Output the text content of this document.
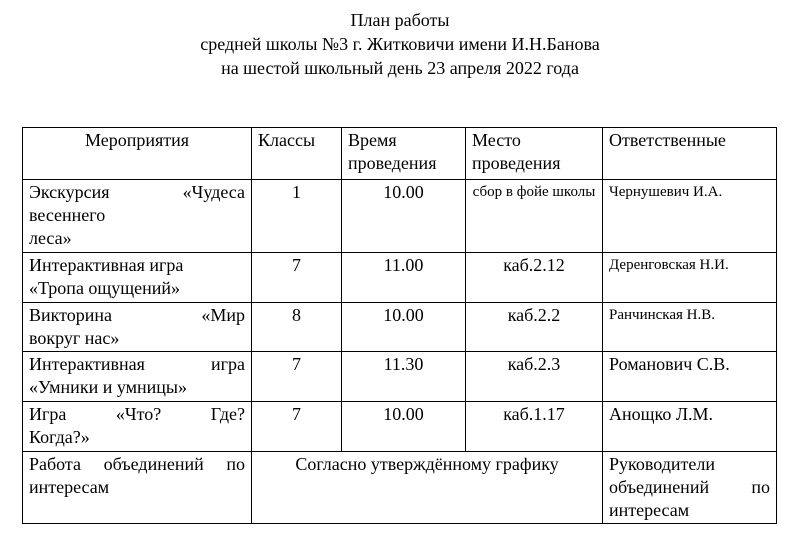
План работы
средней школы №3 г. Житковичи имени И.Н.Банова
на шестой школьный день 23 апреля 2022 года
Мероприятия	Классы	Время проведения	Место проведения	Ответственные

Экскурсия «Чудеса весеннего
леса»	1	10.00	сбор в фойе школы	Чернушевич И.А.

Интерактивная игра
«Тропа ощущений»	7	11.00	каб.2.12	Деренговская Н.И.

Викторина «Мир
вокруг нас»	8	10.00	каб.2.2	Ранчинская Н.В.

Интерактивная игра
«Умники и умницы»	7	11.30	каб.2.3	Романович С.В.

Игра «Что? Где?
Когда?»	7	10.00	каб.1.17	Анощко Л.М.

Работа объединений по
интересам	Согласно утверждённому графику			Руководители
объединений по
интересам
